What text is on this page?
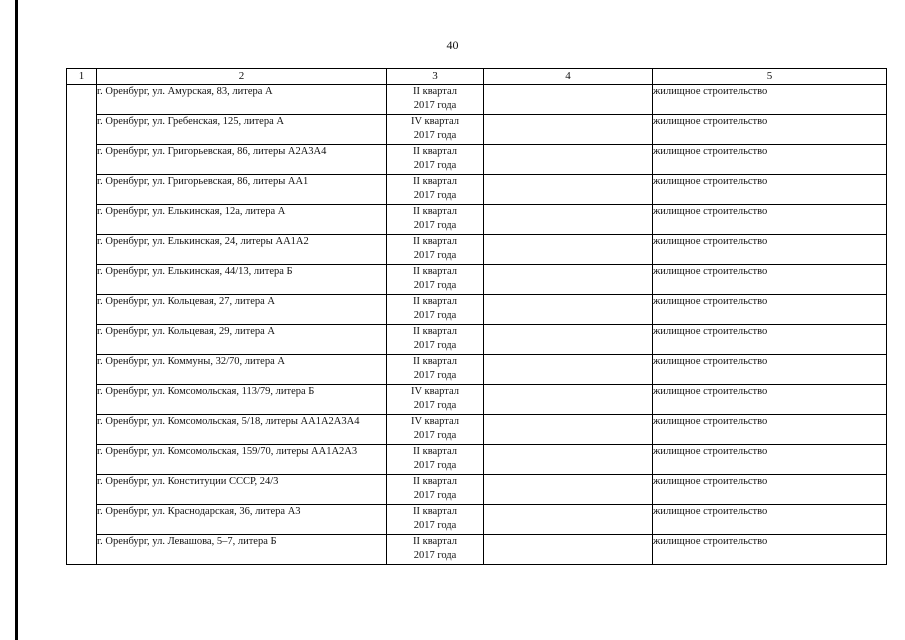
40
1	2	3	4	5
	г. Оренбург, ул. Амурская, 83, литера А	II квартал
2017 года		жилищное строительство
	г. Оренбург, ул. Гребенская, 125, литера А	IV квартал
2017 года		жилищное строительство
	г. Оренбург, ул. Григорьевская, 86, литеры А2А3А4	II квартал
2017 года		жилищное строительство
	г. Оренбург, ул. Григорьевская, 86, литеры АА1	II квартал
2017 года		жилищное строительство
	г. Оренбург, ул. Елькинская, 12а, литера А	II квартал
2017 года		жилищное строительство
	г. Оренбург, ул. Елькинская, 24, литеры АА1А2	II квартал
2017 года		жилищное строительство
	г. Оренбург, ул. Елькинская, 44/13, литера Б	II квартал
2017 года		жилищное строительство
	г. Оренбург, ул. Кольцевая, 27, литера А	II квартал
2017 года		жилищное строительство
	г. Оренбург, ул. Кольцевая, 29, литера А	II квартал
2017 года		жилищное строительство
	г. Оренбург, ул. Коммуны, 32/70, литера А	II квартал
2017 года		жилищное строительство
	г. Оренбург, ул. Комсомольская, 113/79, литера Б	IV квартал
2017 года		жилищное строительство
	г. Оренбург, ул. Комсомольская, 5/18, литеры АА1А2А3А4	IV квартал
2017 года		жилищное строительство
	г. Оренбург, ул. Комсомольская, 159/70, литеры АА1А2А3	II квартал
2017 года		жилищное строительство
	г. Оренбург, ул. Конституции СССР, 24/3	II квартал
2017 года		жилищное строительство
	г. Оренбург, ул. Краснодарская, 36, литера А3	II квартал
2017 года		жилищное строительство
	г. Оренбург, ул. Левашова, 5–7, литера Б	II квартал
2017 года		жилищное строительство
